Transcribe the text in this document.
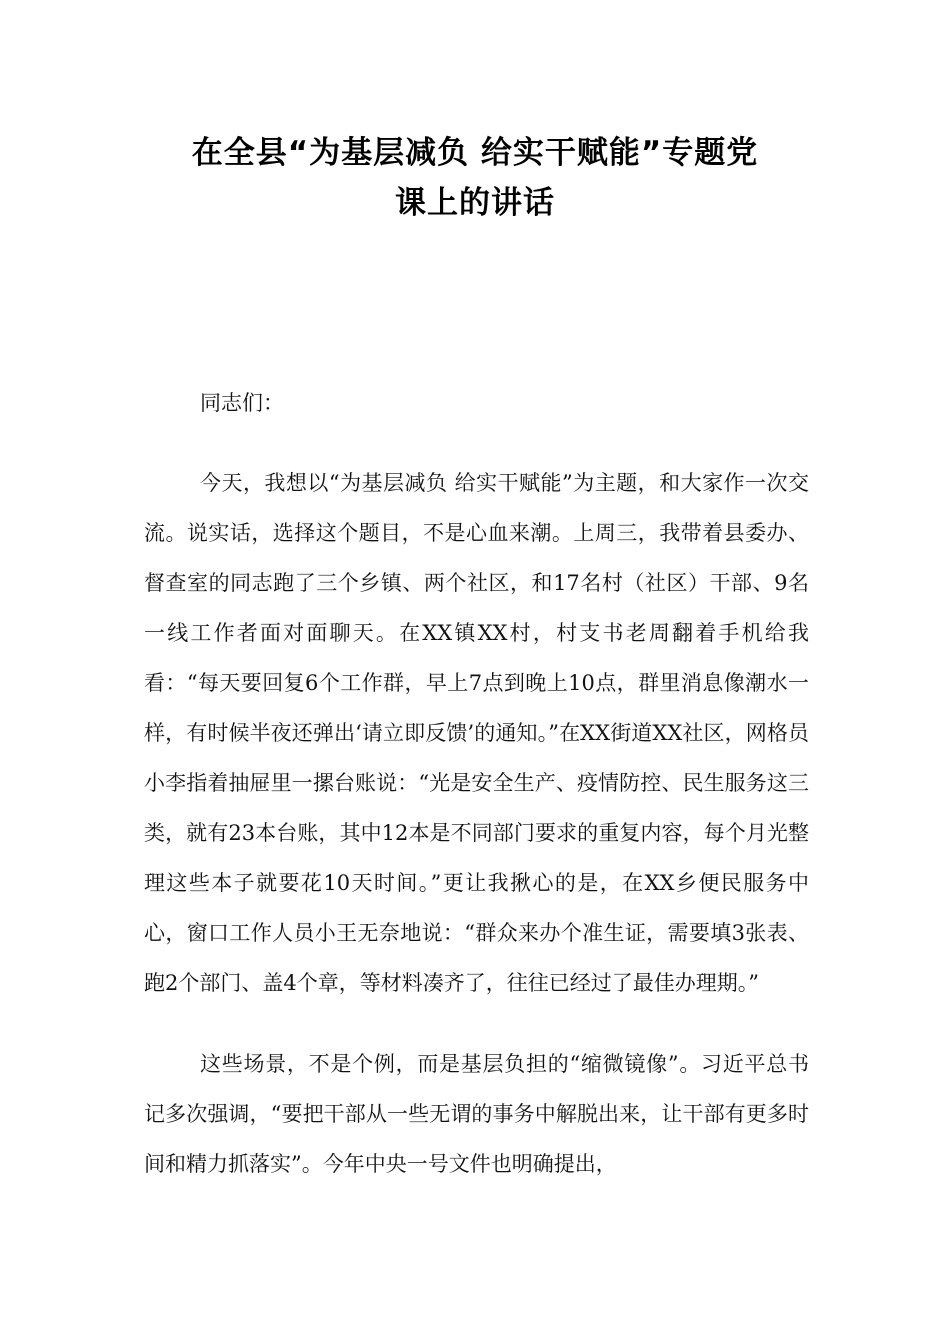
在全县“为基层减负 给实干赋能”专题党
课上的讲话

同志们：

今天，我想以“为基层减负 给实干赋能”为主题，和大家作一次交流。说实话，选择这个题目，不是心血来潮。上周三，我带着县委办、督查室的同志跑了三个乡镇、两个社区，和17名村（社区）干部、9名一线工作者面对面聊天。在XX镇XX村，村支书老周翻着手机给我看：“每天要回复6个工作群，早上7点到晚上10点，群里消息像潮水一样，有时候半夜还弹出‘请立即反馈’的通知。”在XX街道XX社区，网格员小李指着抽屉里一摞台账说：“光是安全生产、疫情防控、民生服务这三类，就有23本台账，其中12本是不同部门要求的重复内容，每个月光整理这些本子就要花10天时间。”更让我揪心的是，在XX乡便民服务中心，窗口工作人员小王无奈地说：“群众来办个准生证，需要填3张表、跑2个部门、盖4个章，等材料凑齐了，往往已经过了最佳办理期。”

这些场景，不是个例，而是基层负担的“缩微镜像”。习近平总书记多次强调，“要把干部从一些无谓的事务中解脱出来，让干部有更多时间和精力抓落实”。今年中央一号文件也明确提出，
